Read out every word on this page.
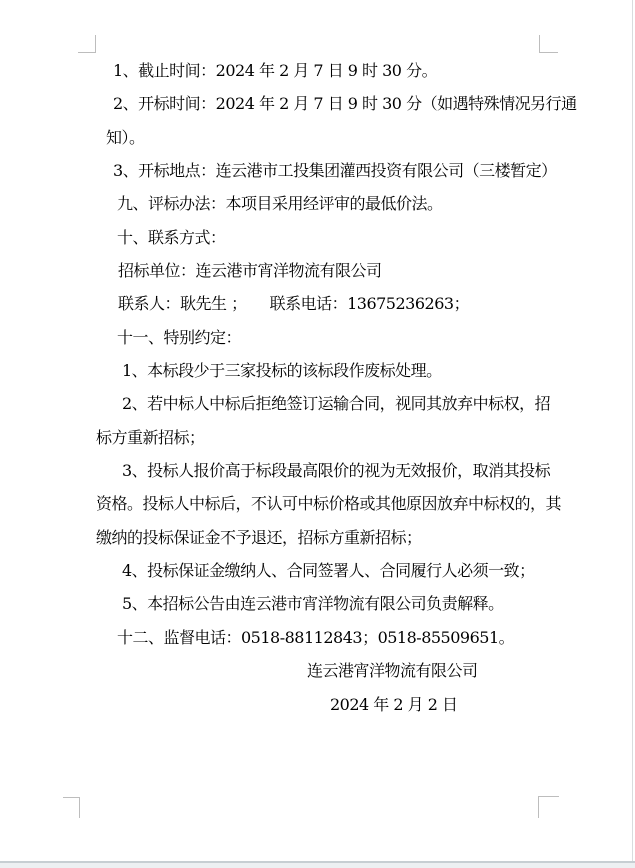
1、截止时间：2024 年 2 月 7 日 9 时 30 分。
2、开标时间：2024 年 2 月 7 日 9 时 30 分（如遇特殊情况另行通
知）。
3、开标地点：连云港市工投集团灌西投资有限公司（三楼暂定）
九、评标办法：本项目采用经评审的最低价法。
十、联系方式：
招标单位：连云港市宵洋物流有限公司
联系人：耿先生 ；　　联系电话：13675236263；
十一、特别约定：
1、本标段少于三家投标的该标段作废标处理。
2、若中标人中标后拒绝签订运输合同，视同其放弃中标权，招
标方重新招标；
3、投标人报价高于标段最高限价的视为无效报价，取消其投标
资格。投标人中标后，不认可中标价格或其他原因放弃中标权的，其
缴纳的投标保证金不予退还，招标方重新招标；
4、投标保证金缴纳人、合同签署人、合同履行人必须一致；
5、本招标公告由连云港市宵洋物流有限公司负责解释。
十二、监督电话：0518-88112843；0518-85509651。
连云港宵洋物流有限公司
2024 年 2 月 2 日
